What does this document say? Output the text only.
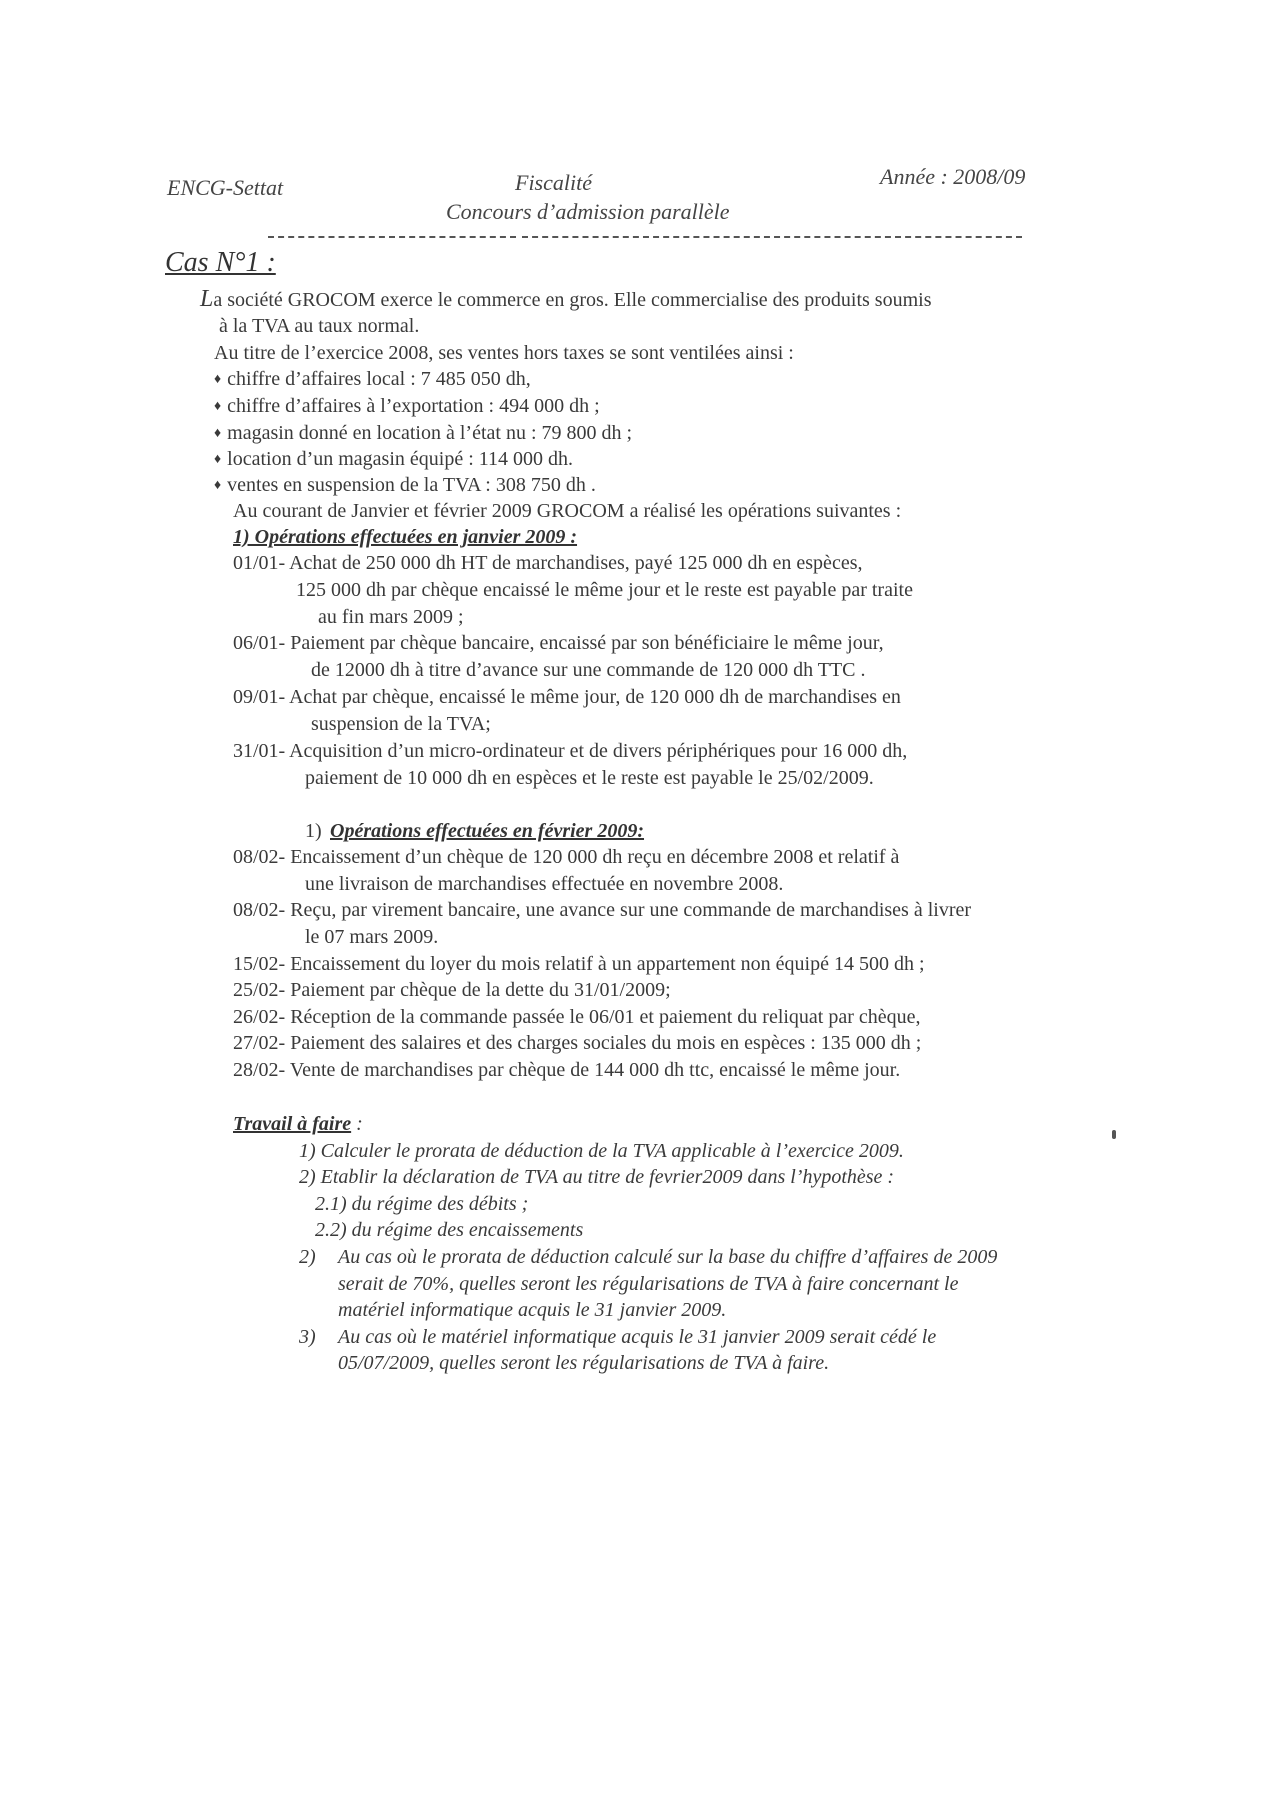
ENCG-Settat	Fiscalité	Année : 2008/09
Concours d’admission parallèle
Cas N°1 :
La société GROCOM exerce le commerce en gros. Elle commercialise des produits soumis
à la TVA au taux normal.
Au titre de l’exercice 2008, ses ventes hors taxes se sont ventilées ainsi :
♦ chiffre d’affaires local : 7 485 050 dh,
♦ chiffre d’affaires à l’exportation : 494 000 dh ;
♦ magasin donné en location à l’état nu : 79 800 dh ;
♦ location d’un magasin équipé : 114 000 dh.
♦ ventes en suspension de la TVA : 308 750 dh .
Au courant de Janvier et février 2009 GROCOM a réalisé les opérations suivantes :
1) Opérations effectuées en janvier 2009 :
01/01- Achat de 250 000 dh HT de marchandises, payé 125 000 dh en espèces,
125 000 dh par chèque encaissé le même jour et le reste est payable par traite
au fin mars 2009 ;
06/01- Paiement par chèque bancaire, encaissé par son bénéficiaire le même jour,
de 12000 dh à titre d’avance sur une commande de 120 000 dh TTC .
09/01- Achat par chèque, encaissé le même jour, de 120 000 dh de marchandises en
suspension de la TVA;
31/01- Acquisition d’un micro-ordinateur et de divers périphériques pour 16 000 dh,
paiement de 10 000 dh en espèces et le reste est payable le 25/02/2009.
1) Opérations effectuées en février 2009:
08/02- Encaissement d’un chèque de 120 000 dh reçu en décembre 2008 et relatif à
une livraison de marchandises effectuée en novembre 2008.
08/02- Reçu, par virement bancaire, une avance sur une commande de marchandises à livrer
le 07 mars 2009.
15/02- Encaissement du loyer du mois relatif à un appartement non équipé 14 500 dh ;
25/02- Paiement par chèque de la dette du 31/01/2009;
26/02- Réception de la commande passée le 06/01 et paiement du reliquat par chèque,
27/02- Paiement des salaires et des charges sociales du mois en espèces : 135 000 dh ;
28/02- Vente de marchandises par chèque de 144 000 dh ttc, encaissé le même jour.
Travail à faire :
1) Calculer le prorata de déduction de la TVA applicable à l’exercice 2009.
2) Etablir la déclaration de TVA au titre de fevrier2009 dans l’hypothèse :
2.1) du régime des débits ;
2.2) du régime des encaissements
2) Au cas où le prorata de déduction calculé sur la base du chiffre d’affaires de 2009
serait de 70%, quelles seront les régularisations de TVA à faire concernant le
matériel informatique acquis le 31 janvier 2009.
3) Au cas où le matériel informatique acquis le 31 janvier 2009 serait cédé le
05/07/2009, quelles seront les régularisations de TVA à faire.
